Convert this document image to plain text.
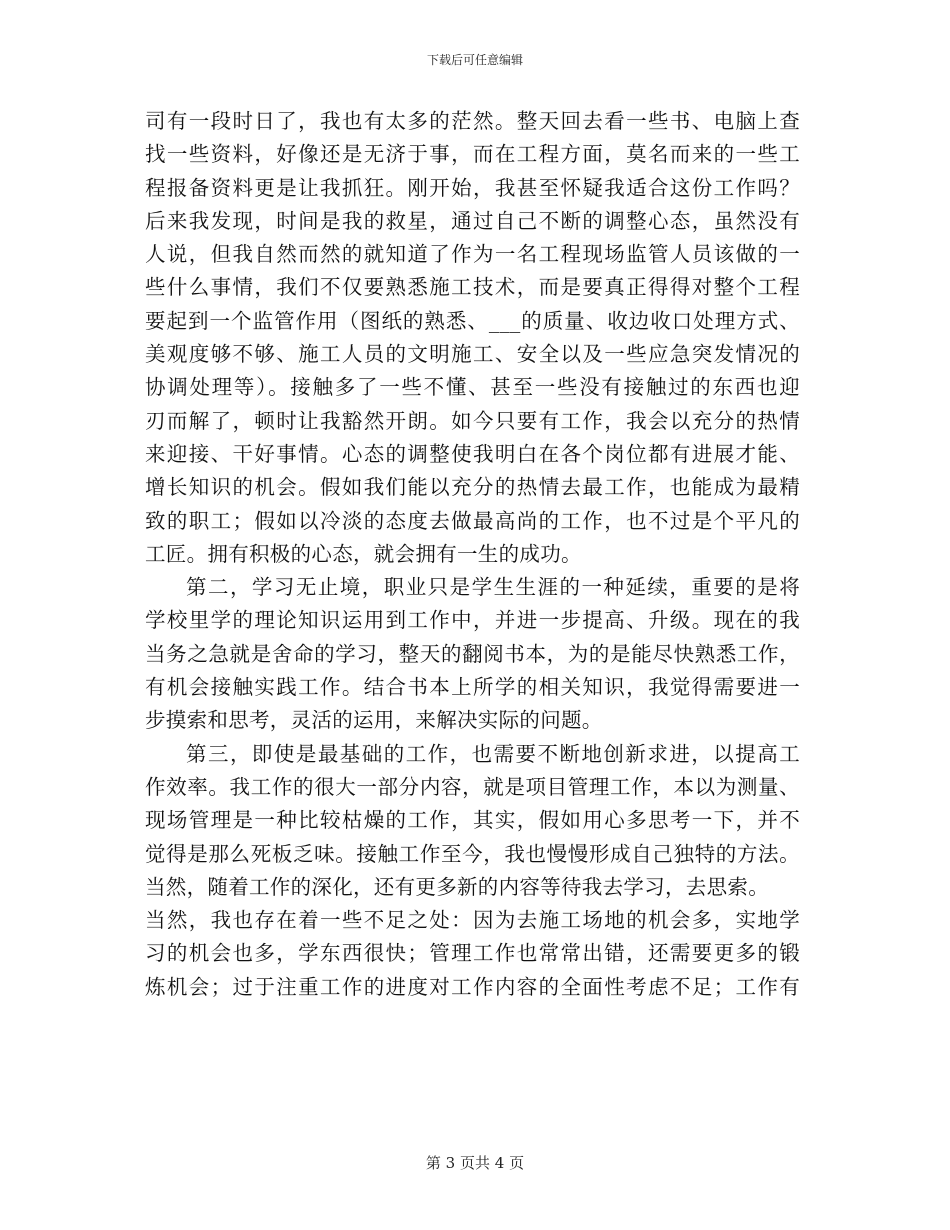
下载后可任意编辑
司有一段时日了，我也有太多的茫然。整天回去看一些书、电脑上查
找一些资料，好像还是无济于事，而在工程方面，莫名而来的一些工
程报备资料更是让我抓狂。刚开始，我甚至怀疑我适合这份工作吗？
后来我发现，时间是我的救星，通过自己不断的调整心态，虽然没有
人说，但我自然而然的就知道了作为一名工程现场监管人员该做的一
些什么事情，我们不仅要熟悉施工技术，而是要真正得得对整个工程
要起到一个监管作用（图纸的熟悉、___的质量、收边收口处理方式、
美观度够不够、施工人员的文明施工、安全以及一些应急突发情况的
协调处理等）。接触多了一些不懂、甚至一些没有接触过的东西也迎
刃而解了，顿时让我豁然开朗。如今只要有工作，我会以充分的热情
来迎接、干好事情。心态的调整使我明白在各个岗位都有进展才能、
增长知识的机会。假如我们能以充分的热情去最工作，也能成为最精
致的职工；假如以冷淡的态度去做最高尚的工作，也不过是个平凡的
工匠。拥有积极的心态，就会拥有一生的成功。
第二，学习无止境，职业只是学生生涯的一种延续，重要的是将
学校里学的理论知识运用到工作中，并进一步提高、升级。现在的我
当务之急就是舍命的学习，整天的翻阅书本，为的是能尽快熟悉工作，
有机会接触实践工作。结合书本上所学的相关知识，我觉得需要进一
步摸索和思考，灵活的运用，来解决实际的问题。
第三，即使是最基础的工作，也需要不断地创新求进，以提高工
作效率。我工作的很大一部分内容，就是项目管理工作，本以为测量、
现场管理是一种比较枯燥的工作，其实，假如用心多思考一下，并不
觉得是那么死板乏味。接触工作至今，我也慢慢形成自己独特的方法。
当然，随着工作的深化，还有更多新的内容等待我去学习，去思索。
当然，我也存在着一些不足之处：因为去施工场地的机会多，实地学
习的机会也多，学东西很快；管理工作也常常出错，还需要更多的锻
炼机会；过于注重工作的进度对工作内容的全面性考虑不足；工作有
第 3 页共 4 页
